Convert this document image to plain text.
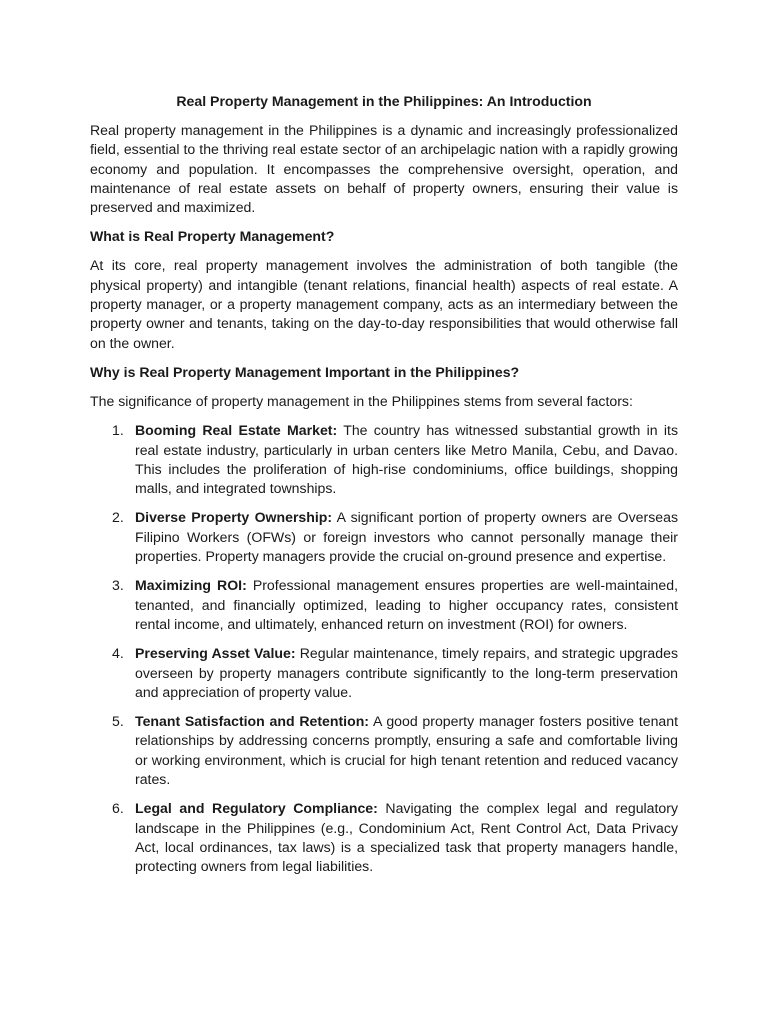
Real Property Management in the Philippines: An Introduction

Real property management in the Philippines is a dynamic and increasingly professionalized field, essential to the thriving real estate sector of an archipelagic nation with a rapidly growing economy and population. It encompasses the comprehensive oversight, operation, and maintenance of real estate assets on behalf of property owners, ensuring their value is preserved and maximized.

What is Real Property Management?

At its core, real property management involves the administration of both tangible (the physical property) and intangible (tenant relations, financial health) aspects of real estate. A property manager, or a property management company, acts as an intermediary between the property owner and tenants, taking on the day-to-day responsibilities that would otherwise fall on the owner.

Why is Real Property Management Important in the Philippines?

The significance of property management in the Philippines stems from several factors:

1. Booming Real Estate Market: The country has witnessed substantial growth in its real estate industry, particularly in urban centers like Metro Manila, Cebu, and Davao. This includes the proliferation of high-rise condominiums, office buildings, shopping malls, and integrated townships.
2. Diverse Property Ownership: A significant portion of property owners are Overseas Filipino Workers (OFWs) or foreign investors who cannot personally manage their properties. Property managers provide the crucial on-ground presence and expertise.
3. Maximizing ROI: Professional management ensures properties are well-maintained, tenanted, and financially optimized, leading to higher occupancy rates, consistent rental income, and ultimately, enhanced return on investment (ROI) for owners.
4. Preserving Asset Value: Regular maintenance, timely repairs, and strategic upgrades overseen by property managers contribute significantly to the long-term preservation and appreciation of property value.
5. Tenant Satisfaction and Retention: A good property manager fosters positive tenant relationships by addressing concerns promptly, ensuring a safe and comfortable living or working environment, which is crucial for high tenant retention and reduced vacancy rates.
6. Legal and Regulatory Compliance: Navigating the complex legal and regulatory landscape in the Philippines (e.g., Condominium Act, Rent Control Act, Data Privacy Act, local ordinances, tax laws) is a specialized task that property managers handle, protecting owners from legal liabilities.
